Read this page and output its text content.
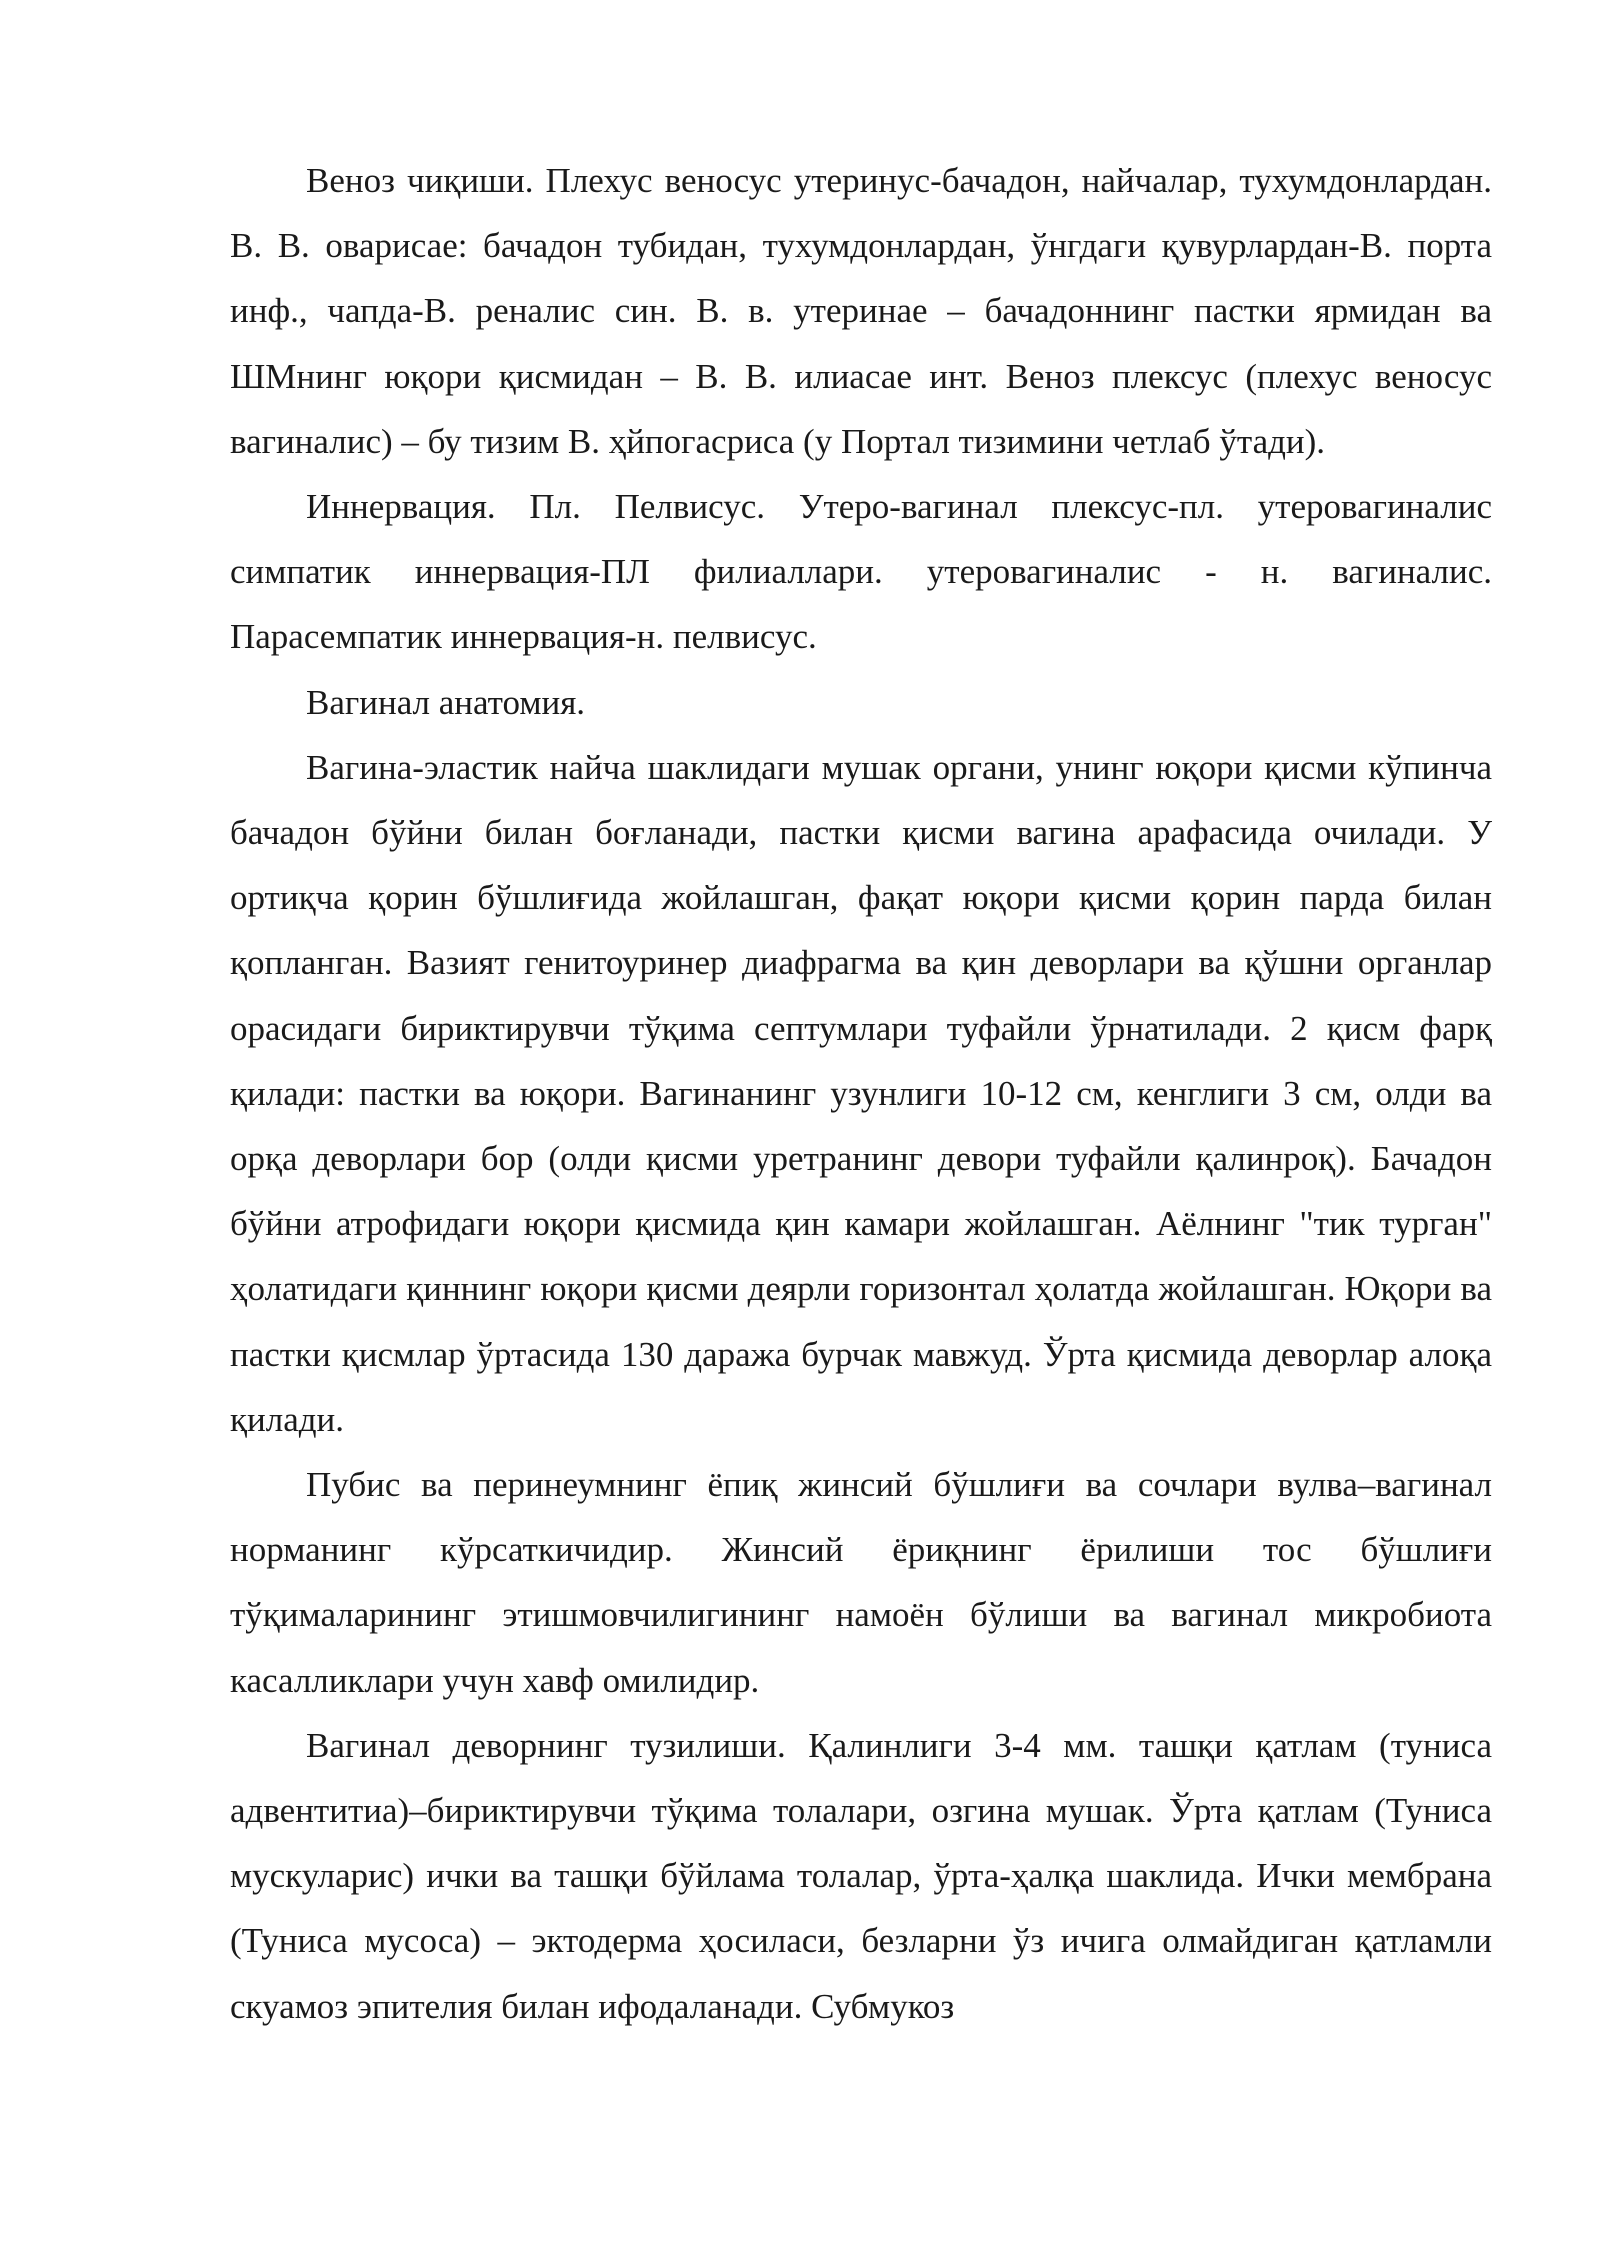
Веноз чиқиши. Плехус веносус утеринус-бачадон, найчалар, тухумдонлардан. В. В. оварисае: бачадон тубидан, тухумдонлардан, ўнгдаги қувурлардан-В. порта инф., чапда-В. реналис син. В. в. утеринае – бачадоннинг пастки ярмидан ва ШМнинг юқори қисмидан – В. В. илиасае инт. Веноз плексус (плехус веносус вагиналис) – бу тизим В. ҳйпогасриса (у Портал тизимини четлаб ўтади).

Иннервация. Пл. Пелвисус. Утеро-вагинал плексус-пл. утеровагиналис симпатик иннервация-ПЛ филиаллари. утеровагиналис - н. вагиналис. Парасемпатик иннервация-н. пелвисус.

Вагинал анатомия.

Вагина-эластик найча шаклидаги мушак органи, унинг юқори қисми кўпинча бачадон бўйни билан боғланади, пастки қисми вагина арафасида очилади. У ортиқча қорин бўшлиғида жойлашган, фақат юқори қисми қорин парда билан қопланган. Вазият генитоуринер диафрагма ва қин деворлари ва қўшни органлар орасидаги бириктирувчи тўқима септумлари туфайли ўрнатилади. 2 қисм фарқ қилади: пастки ва юқори. Вагинанинг узунлиги 10-12 см, кенглиги 3 см, олди ва орқа деворлари бор (олди қисми уретранинг девори туфайли қалинроқ). Бачадон бўйни атрофидаги юқори қисмида қин камари жойлашган. Аёлнинг "тик турган" ҳолатидаги қиннинг юқори қисми деярли горизонтал ҳолатда жойлашган. Юқори ва пастки қисмлар ўртасида 130 даража бурчак мавжуд. Ўрта қисмида деворлар алоқа қилади.

Пубис ва перинеумнинг ёпиқ жинсий бўшлиғи ва сочлари вулва–вагинал норманинг кўрсаткичидир. Жинсий ёриқнинг ёрилиши тос бўшлиғи тўқималарининг этишмовчилигининг намоён бўлиши ва вагинал микробиота касалликлари учун хавф омилидир.

Вагинал деворнинг тузилиши. Қалинлиги 3-4 мм. ташқи қатлам (туниса адвентитиа)–бириктирувчи тўқима толалари, озгина мушак. Ўрта қатлам (Туниса мускуларис) ички ва ташқи бўйлама толалар, ўрта-ҳалқа шаклида. Ички мембрана (Туниса мусоса) – эктодерма ҳосиласи, безларни ўз ичига олмайдиган қатламли скуамоз эпителия билан ифодаланади. Субмукоз
